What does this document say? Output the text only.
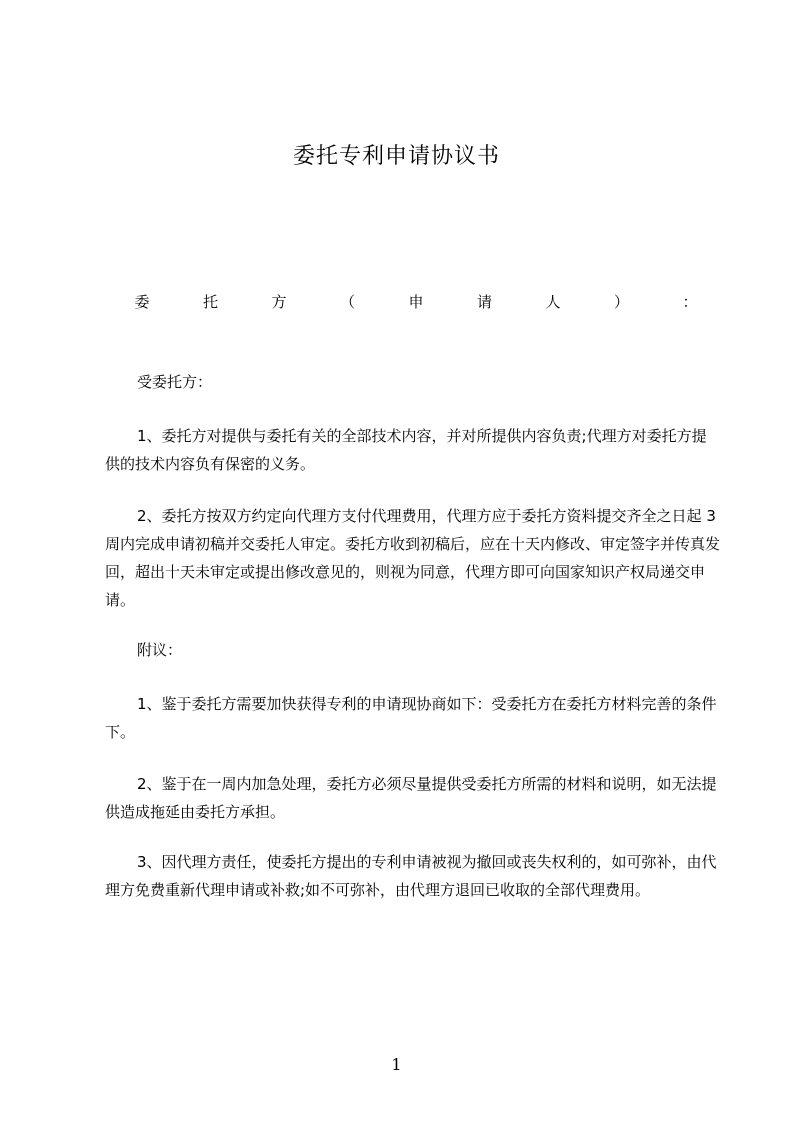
委托专利申请协议书
委	托	方	（	申	请	人	）	：

受委托方：

1、委托方对提供与委托有关的全部技术内容，并对所提供内容负责;代理方对委托方提供的技术内容负有保密的义务。

2、委托方按双方约定向代理方支付代理费用，代理方应于委托方资料提交齐全之日起 3 周内完成申请初稿并交委托人审定。委托方收到初稿后，应在十天内修改、审定签字并传真发回，超出十天未审定或提出修改意见的，则视为同意，代理方即可向国家知识产权局递交申请。

附议：

1、鉴于委托方需要加快获得专利的申请现协商如下：受委托方在委托方材料完善的条件下。

2、鉴于在一周内加急处理，委托方必须尽量提供受委托方所需的材料和说明，如无法提供造成拖延由委托方承担。

3、因代理方责任，使委托方提出的专利申请被视为撤回或丧失权利的，如可弥补，由代理方免费重新代理申请或补救;如不可弥补，由代理方退回已收取的全部代理费用。

1
